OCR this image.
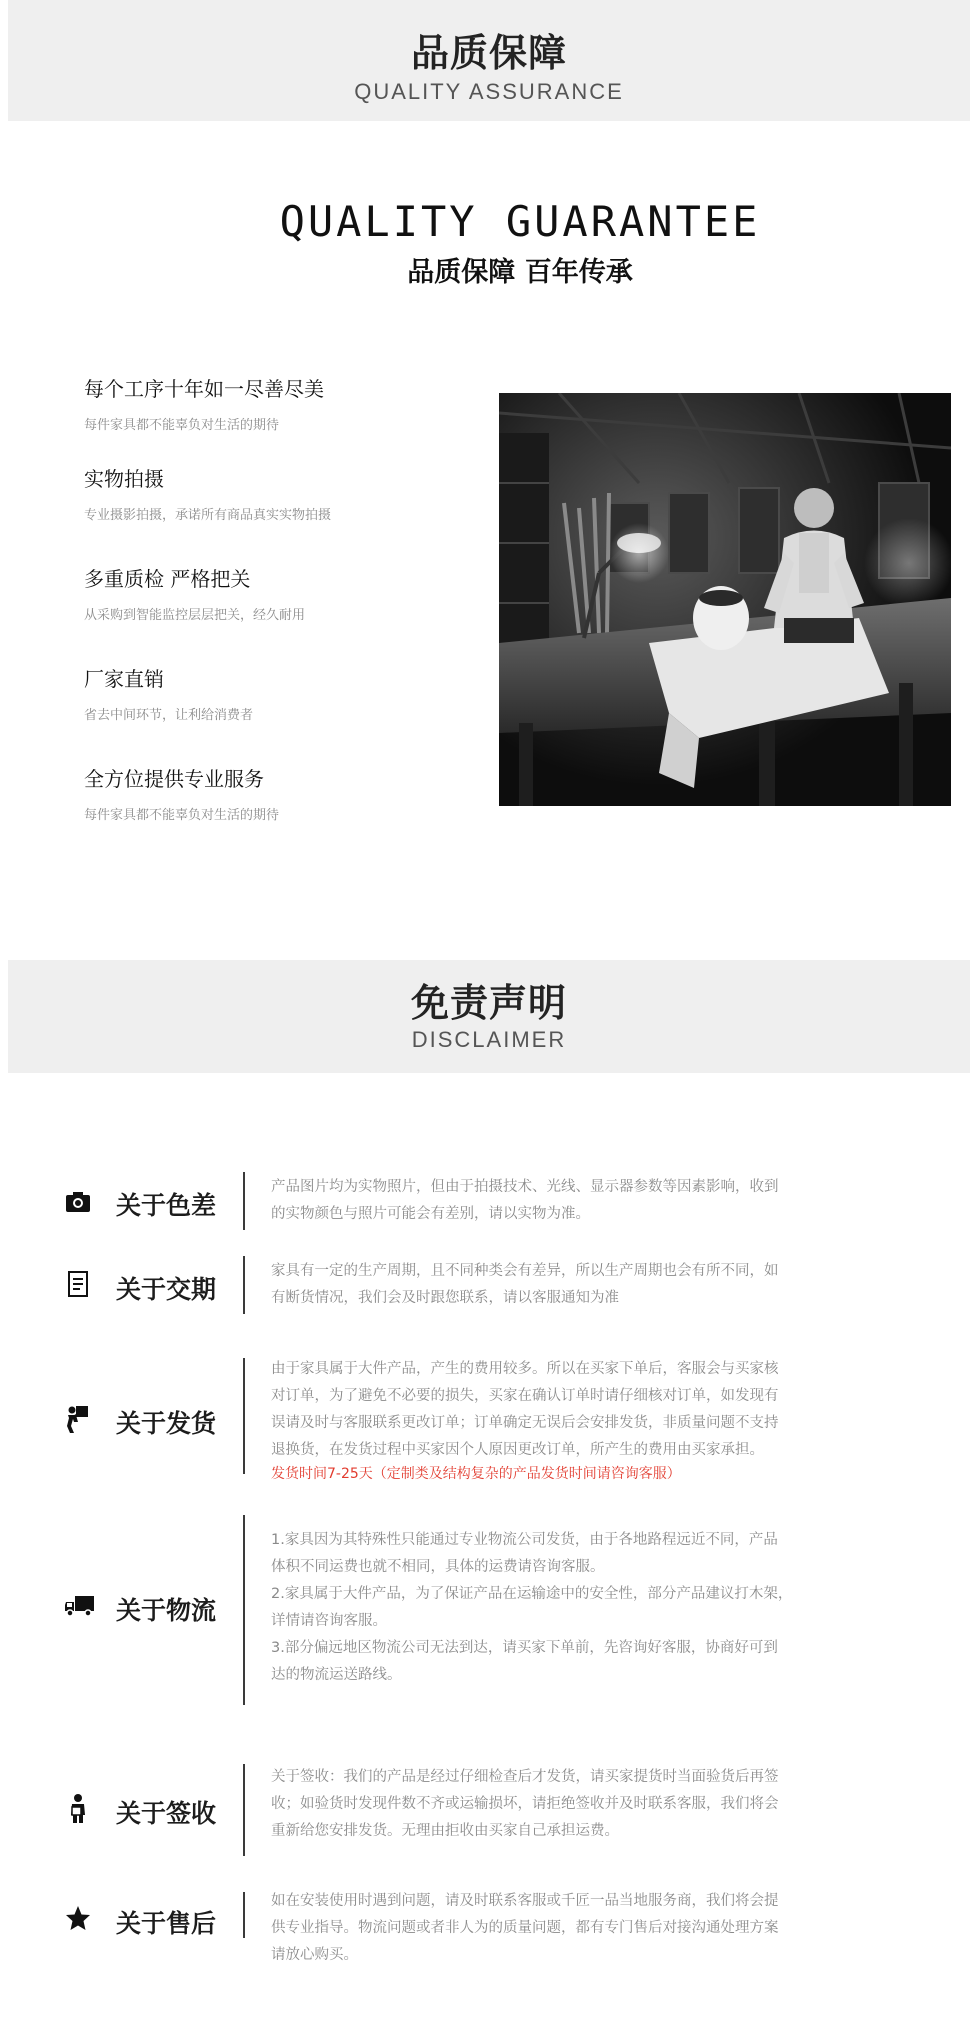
品质保障
QUALITY ASSURANCE
QUALITY GUARANTEE
品质保障 百年传承
每个工序十年如一尽善尽美
每件家具都不能辜负对生活的期待
实物拍摄
专业摄影拍摄，承诺所有商品真实实物拍摄
多重质检 严格把关
从采购到智能监控层层把关，经久耐用
厂家直销
省去中间环节，让利给消费者
全方位提供专业服务
每件家具都不能辜负对生活的期待
免责声明
DISCLAIMER
关于色差

产品图片均为实物照片，但由于拍摄技术、光线、显示器参数等因素影响，收到

的实物颜色与照片可能会有差别，请以实物为准。

关于交期

家具有一定的生产周期，且不同种类会有差异，所以生产周期也会有所不同，如

有断货情况，我们会及时跟您联系，请以客服通知为准

关于发货

由于家具属于大件产品，产生的费用较多。所以在买家下单后，客服会与买家核

对订单，为了避免不必要的损失，买家在确认订单时请仔细核对订单，如发现有

误请及时与客服联系更改订单；订单确定无误后会安排发货，非质量问题不支持

退换货，在发货过程中买家因个人原因更改订单，所产生的费用由买家承担。

发货时间7-25天（定制类及结构复杂的产品发货时间请咨询客服）

关于物流

1.家具因为其特殊性只能通过专业物流公司发货，由于各地路程远近不同，产品

体积不同运费也就不相同，具体的运费请咨询客服。

2.家具属于大件产品，为了保证产品在运输途中的安全性，部分产品建议打木架，

详情请咨询客服。

3.部分偏远地区物流公司无法到达，请买家下单前，先咨询好客服，协商好可到

达的物流运送路线。

关于签收

关于签收：我们的产品是经过仔细检查后才发货，请买家提货时当面验货后再签

收；如验货时发现件数不齐或运输损坏，请拒绝签收并及时联系客服，我们将会

重新给您安排发货。无理由拒收由买家自己承担运费。

关于售后

如在安装使用时遇到问题，请及时联系客服或千匠一品当地服务商，我们将会提

供专业指导。物流问题或者非人为的质量问题，都有专门售后对接沟通处理方案

请放心购买。
